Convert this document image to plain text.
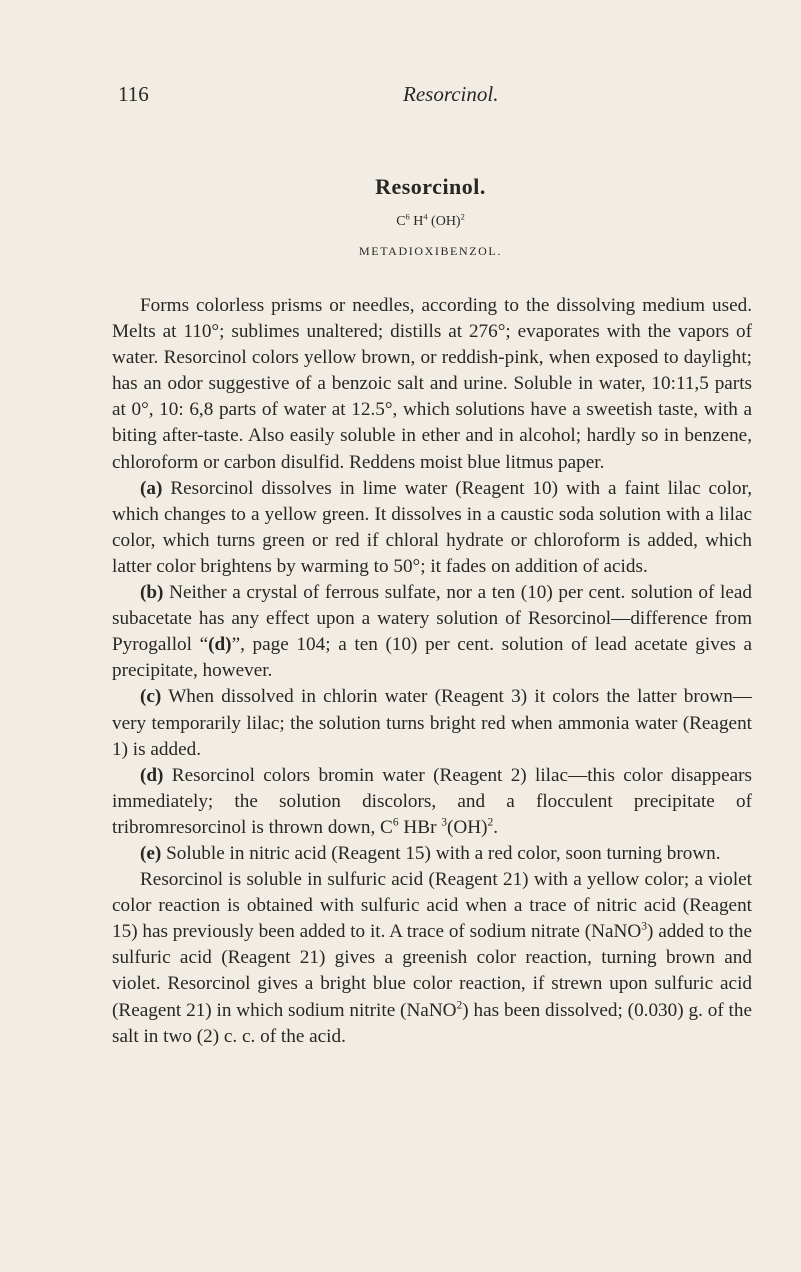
116	Resorcinol.
Resorcinol.
$C^6$ $H^4$ (OH)$^2$
METADIOXIBENZOL.

Forms colorless prisms or needles, according to the dissolving medium used. Melts at 110°; sublimes unaltered; distills at 276°; evaporates with the vapors of water. Resorcinol colors yellow brown, or reddish-pink, when exposed to daylight; has an odor suggestive of a benzoic salt and urine. Soluble in water, 10:11,5 parts at 0°, 10: 6,8 parts of water at 12.5°, which solutions have a sweetish taste, with a biting after-taste. Also easily soluble in ether and in alcohol; hardly so in benzene, chloroform or carbon disulfid. Reddens moist blue litmus paper.

(a) Resorcinol dissolves in lime water (Reagent 10) with a faint lilac color, which changes to a yellow green. It dissolves in a caustic soda solution with a lilac color, which turns green or red if chloral hydrate or chloroform is added, which latter color brightens by warming to 50°; it fades on addition of acids.

(b) Neither a crystal of ferrous sulfate, nor a ten (10) per cent. solution of lead subacetate has any effect upon a watery solution of Resorcinol—difference from Pyrogallol “(d)”, page 104; a ten (10) per cent. solution of lead acetate gives a precipitate, however.

(c) When dissolved in chlorin water (Reagent 3) it colors the latter brown—very temporarily lilac; the solution turns bright red when ammonia water (Reagent 1) is added.

(d) Resorcinol colors bromin water (Reagent 2) lilac—this color disappears immediately; the solution discolors, and a flocculent precipitate of tribromresorcinol is thrown down, $C^6$ HBr $^3$(OH)$^2$.

(e) Soluble in nitric acid (Reagent 15) with a red color, soon turning brown.

Resorcinol is soluble in sulfuric acid (Reagent 21) with a yellow color; a violet color reaction is obtained with sulfuric acid when a trace of nitric acid (Reagent 15) has previously been added to it. A trace of sodium nitrate (NaNO$^3$) added to the sulfuric acid (Reagent 21) gives a greenish color reaction, turning brown and violet. Resorcinol gives a bright blue color reaction, if strewn upon sulfuric acid (Reagent 21) in which sodium nitrite (NaNO$^2$) has been dissolved; (0.030) g. of the salt in two (2) c. c. of the acid.
